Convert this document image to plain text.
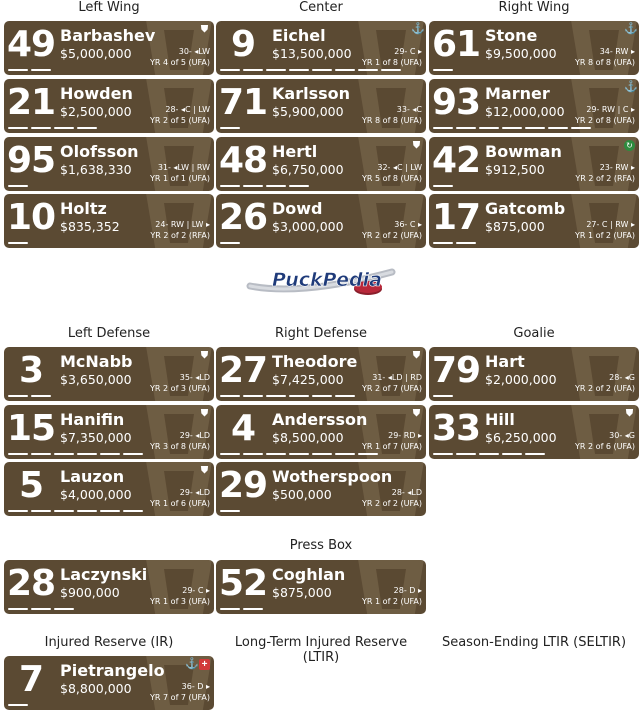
Left Wing	Center	Right Wing
Left Defense	Right Defense	Goalie
Press Box
Injured Reserve (IR)	Long-Term Injured Reserve (LTIR)
Season-Ending LTIR (SELTIR)
PuckPedia
49 Barbashev
$5,000,000	30- ◂LW
YR 4 of 5 (UFA)
⛊ 9	Eichel
$13,500,000	29- C ▸
YR 1 of 8 (UFA)
⚓ 61 Stone
$9,500,000	34- RW ▸
YR 8 of 8 (UFA)
⚓
21 Howden
$2,500,000	28- ◂C | LW
YR 2 of 5 (UFA) 71 Karlsson
$5,900,000	33- ◂C
YR 8 of 8 (UFA) 93 Marner
$12,000,000	29- RW | C ▸
YR 2 of 8 (UFA)
⚓
95 Olofsson
$1,638,330	31- ◂LW | RW
YR 1 of 1 (UFA) 48 Hertl
$6,750,000	32- ◂C | LW
YR 5 of 8 (UFA)
⛊ 42 Bowman
$912,500	23- RW ▸
YR 2 of 2 (RFA)
↻
10 Holtz
$835,352	24- RW | LW ▸
YR 2 of 2 (RFA) 26 Dowd
$3,000,000	36- C ▸
YR 2 of 2 (UFA) 17 Gatcomb
$875,000	27- C | RW ▸
YR 1 of 2 (UFA)
3	McNabb
$3,650,000	35- ◂LD
YR 2 of 3 (UFA)
⛊ 27 Theodore
$7,425,000	31- ◂LD | RD
YR 2 of 7 (UFA)
⛊ 79 Hart
$2,000,000	28- ◂G
YR 2 of 2 (UFA)
15 Hanifin
$7,350,000	29- ◂LD
YR 3 of 8 (UFA)
⛊ 4	Andersson
$8,500,000	29- RD ▸
YR 1 of 7 (UFA)
⛊ 33 Hill
$6,250,000	30- ◂G
YR 2 of 6 (UFA)
⛊
5	Lauzon
$4,000,000	29- ◂LD
YR 1 of 6 (UFA)
⛊ 29 Wotherspoon
$500,000	28- ◂LD
YR 2 of 2 (UFA)
28 Laczynski
$900,000	29- C ▸
YR 1 of 3 (UFA) 52 Coghlan
$875,000	28- D ▸
YR 1 of 2 (UFA)
7	Pietrangelo
$8,800,000	36- D ▸
YR 7 of 7 (UFA)
⚓ +
